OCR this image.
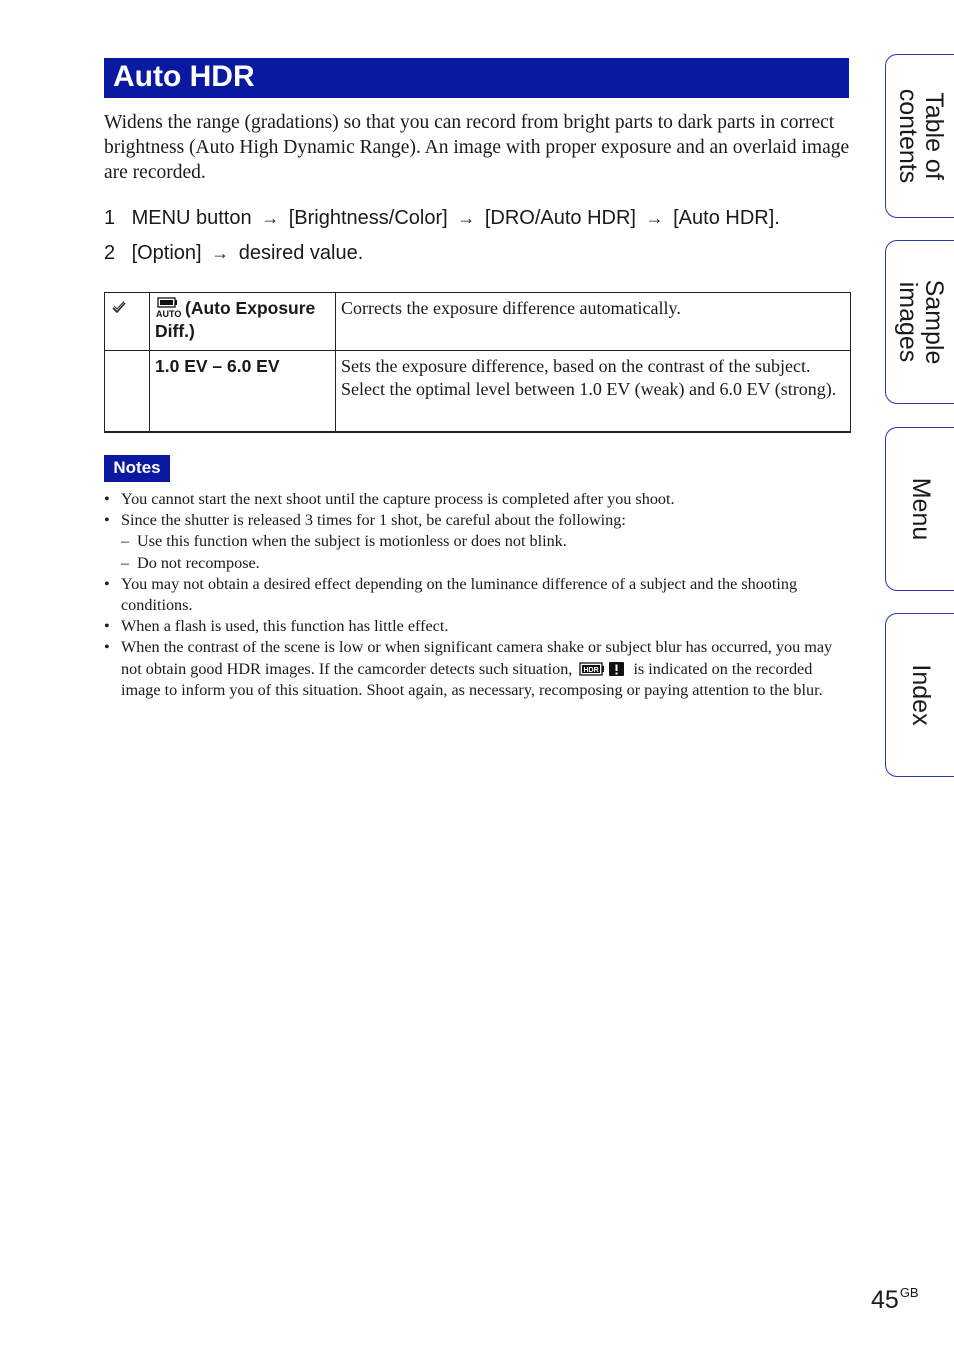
Auto HDR

Widens the range (gradations) so that you can record from bright parts to dark parts in correct brightness (Auto High Dynamic Range). An image with proper exposure and an overlaid image are recorded.

1 MENU button → [Brightness/Color] → [DRO/Auto HDR] → [Auto HDR].
2 [Option] → desired value.

AUTO (Auto Exposure Diff.)	Corrects the exposure difference automatically.
	1.0 EV – 6.0 EV	Sets the exposure difference, based on the contrast of the subject. Select the optimal level between 1.0 EV (weak) and 6.0 EV (strong).
Notes
• You cannot start the next shoot until the capture process is completed after you shoot.
• Since the shutter is released 3 times for 1 shot, be careful about the following:
– Use this function when the subject is motionless or does not blink.
– Do not recompose.
• You may not obtain a desired effect depending on the luminance difference of a subject and the shooting conditions.
• When a flash is used, this function has little effect.
• When the contrast of the scene is low or when significant camera shake or subject blur has occurred, you may not obtain good HDR images. If the camcorder detects such situation, HDR is indicated on the recorded image to inform you of this situation. Shoot again, as necessary, recomposing or paying attention to the blur.
Table of
contents
Sample
images
Menu
Index
$45^{GB}$
